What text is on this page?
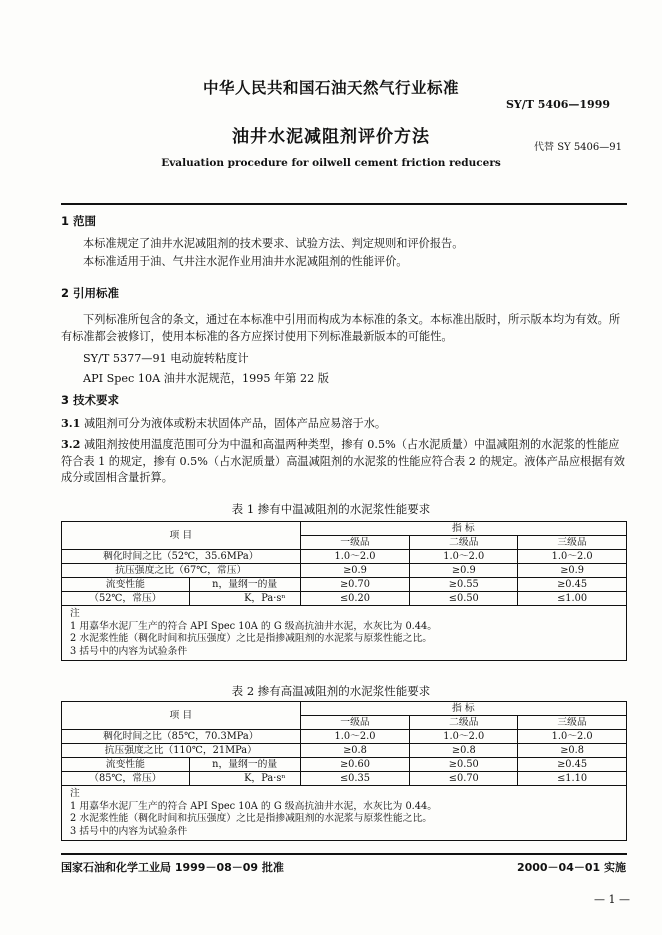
中华人民共和国石油天然气行业标准
SY/T 5406—1999
油井水泥减阻剂评价方法
代替 SY 5406—91
Evaluation procedure for oilwell cement friction reducers
1 范围
本标准规定了油井水泥减阻剂的技术要求、试验方法、判定规则和评价报告。
本标准适用于油、气井注水泥作业用油井水泥减阻剂的性能评价。
2 引用标准
下列标准所包含的条文，通过在本标准中引用而构成为本标准的条文。本标准出版时，所示版本均为有效。所有标准都会被修订，使用本标准的各方应探讨使用下列标准最新版本的可能性。
SY/T 5377—91 电动旋转粘度计
API Spec 10A 油井水泥规范，1995 年第 22 版
3 技术要求
3.1 减阻剂可分为液体或粉末状固体产品，固体产品应易溶于水。
3.2 减阻剂按使用温度范围可分为中温和高温两种类型，掺有 0.5%（占水泥质量）中温减阻剂的水泥浆的性能应符合表 1 的规定，掺有 0.5%（占水泥质量）高温减阻剂的水泥浆的性能应符合表 2 的规定。液体产品应根据有效成分或固相含量折算。
表 1 掺有中温减阻剂的水泥浆性能要求
项 目		指 标		
		一级品	二级品	三级品
稠化时间之比（52℃，35.6MPa）		1.0～2.0	1.0～2.0	1.0～2.0
抗压强度之比（67℃，常压）		≥0.9	≥0.9	≥0.9
流变性能	n，量纲一的量	≥0.70	≥0.55	≥0.45
（52℃，常压）	K，Pa·sⁿ	≤0.20	≤0.50	≤1.00

注
1 用嘉华水泥厂生产的符合 API Spec 10A 的 G 级高抗油井水泥，水灰比为 0.44。
2 水泥浆性能（稠化时间和抗压强度）之比是指掺减阻剂的水泥浆与原浆性能之比。
3 括号中的内容为试验条件				
表 2 掺有高温减阻剂的水泥浆性能要求
项 目		指 标		
		一级品	二级品	三级品
稠化时间之比（85℃，70.3MPa）		1.0～2.0	1.0～2.0	1.0～2.0
抗压强度之比（110℃，21MPa）		≥0.8	≥0.8	≥0.8
流变性能	n，量纲一的量	≥0.60	≥0.50	≥0.45
（85℃，常压）	K，Pa·sⁿ	≤0.35	≤0.70	≤1.10

注
1 用嘉华水泥厂生产的符合 API Spec 10A 的 G 级高抗油井水泥，水灰比为 0.44。
2 水泥浆性能（稠化时间和抗压强度）之比是指掺减阻剂的水泥浆与原浆性能之比。
3 括号中的内容为试验条件				
国家石油和化学工业局 1999－08－09 批准	2000－04－01 实施
— 1 —
